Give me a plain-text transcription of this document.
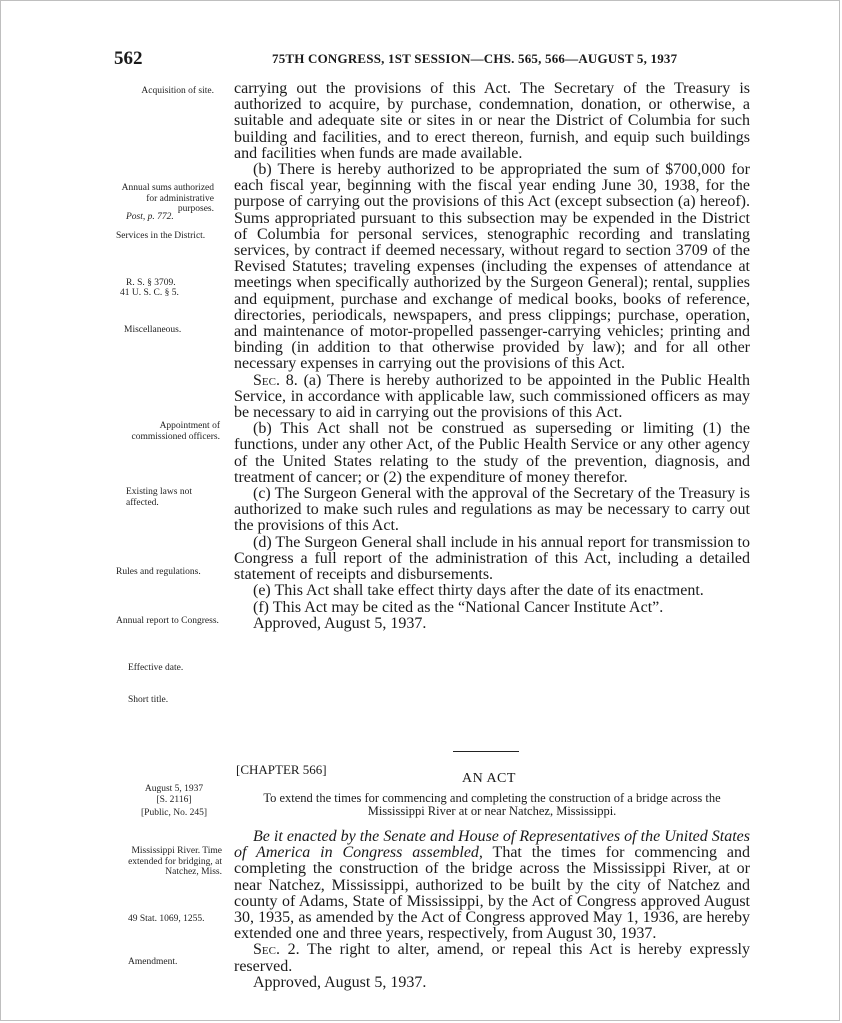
562	75TH CONGRESS, 1ST SESSION—CHS. 565, 566—AUGUST 5, 1937
Acquisition of site.
Annual sums authorized for administrative purposes.
Post, p. 772.
Services in the District.
R. S. § 3709.
41 U. S. C. § 5.
Miscellaneous.
Appointment of commissioned officers.
Existing laws not affected.
Rules and regulations.
Annual report to Congress.
Effective date.
Short title.
August 5, 1937
[S. 2116]
[Public, No. 245]
Mississippi River. Time extended for bridging, at Natchez, Miss.
49 Stat. 1069, 1255.
Amendment.

carrying out the provisions of this Act. The Secretary of the Treasury is authorized to acquire, by purchase, condemnation, donation, or otherwise, a suitable and adequate site or sites in or near the District of Columbia for such building and facilities, and to erect thereon, furnish, and equip such buildings and facilities when funds are made available.

(b) There is hereby authorized to be appropriated the sum of $700,000 for each fiscal year, beginning with the fiscal year ending June 30, 1938, for the purpose of carrying out the provisions of this Act (except subsection (a) hereof). Sums appropriated pursuant to this subsection may be expended in the District of Columbia for personal services, stenographic recording and translating services, by contract if deemed necessary, without regard to section 3709 of the Revised Statutes; traveling expenses (including the expenses of attendance at meetings when specifically authorized by the Surgeon General); rental, supplies and equipment, purchase and exchange of medical books, books of reference, directories, periodicals, newspapers, and press clippings; purchase, operation, and maintenance of motor-propelled passenger-carrying vehicles; printing and binding (in addition to that otherwise provided by law); and for all other necessary expenses in carrying out the provisions of this Act.

Sec. 8. (a) There is hereby authorized to be appointed in the Public Health Service, in accordance with applicable law, such commissioned officers as may be necessary to aid in carrying out the provisions of this Act.

(b) This Act shall not be construed as superseding or limiting (1) the functions, under any other Act, of the Public Health Service or any other agency of the United States relating to the study of the prevention, diagnosis, and treatment of cancer; or (2) the expenditure of money therefor.

(c) The Surgeon General with the approval of the Secretary of the Treasury is authorized to make such rules and regulations as may be necessary to carry out the provisions of this Act.

(d) The Surgeon General shall include in his annual report for transmission to Congress a full report of the administration of this Act, including a detailed statement of receipts and disbursements.

(e) This Act shall take effect thirty days after the date of its enactment.

(f) This Act may be cited as the “National Cancer Institute Act”.

Approved, August 5, 1937.

[CHAPTER 566]
AN ACT
To extend the times for commencing and completing the construction of a bridge across the Mississippi River at or near Natchez, Mississippi.

Be it enacted by the Senate and House of Representatives of the United States of America in Congress assembled, That the times for commencing and completing the construction of the bridge across the Mississippi River, at or near Natchez, Mississippi, authorized to be built by the city of Natchez and county of Adams, State of Mississippi, by the Act of Congress approved August 30, 1935, as amended by the Act of Congress approved May 1, 1936, are hereby extended one and three years, respectively, from August 30, 1937.

Sec. 2. The right to alter, amend, or repeal this Act is hereby expressly reserved.

Approved, August 5, 1937.
